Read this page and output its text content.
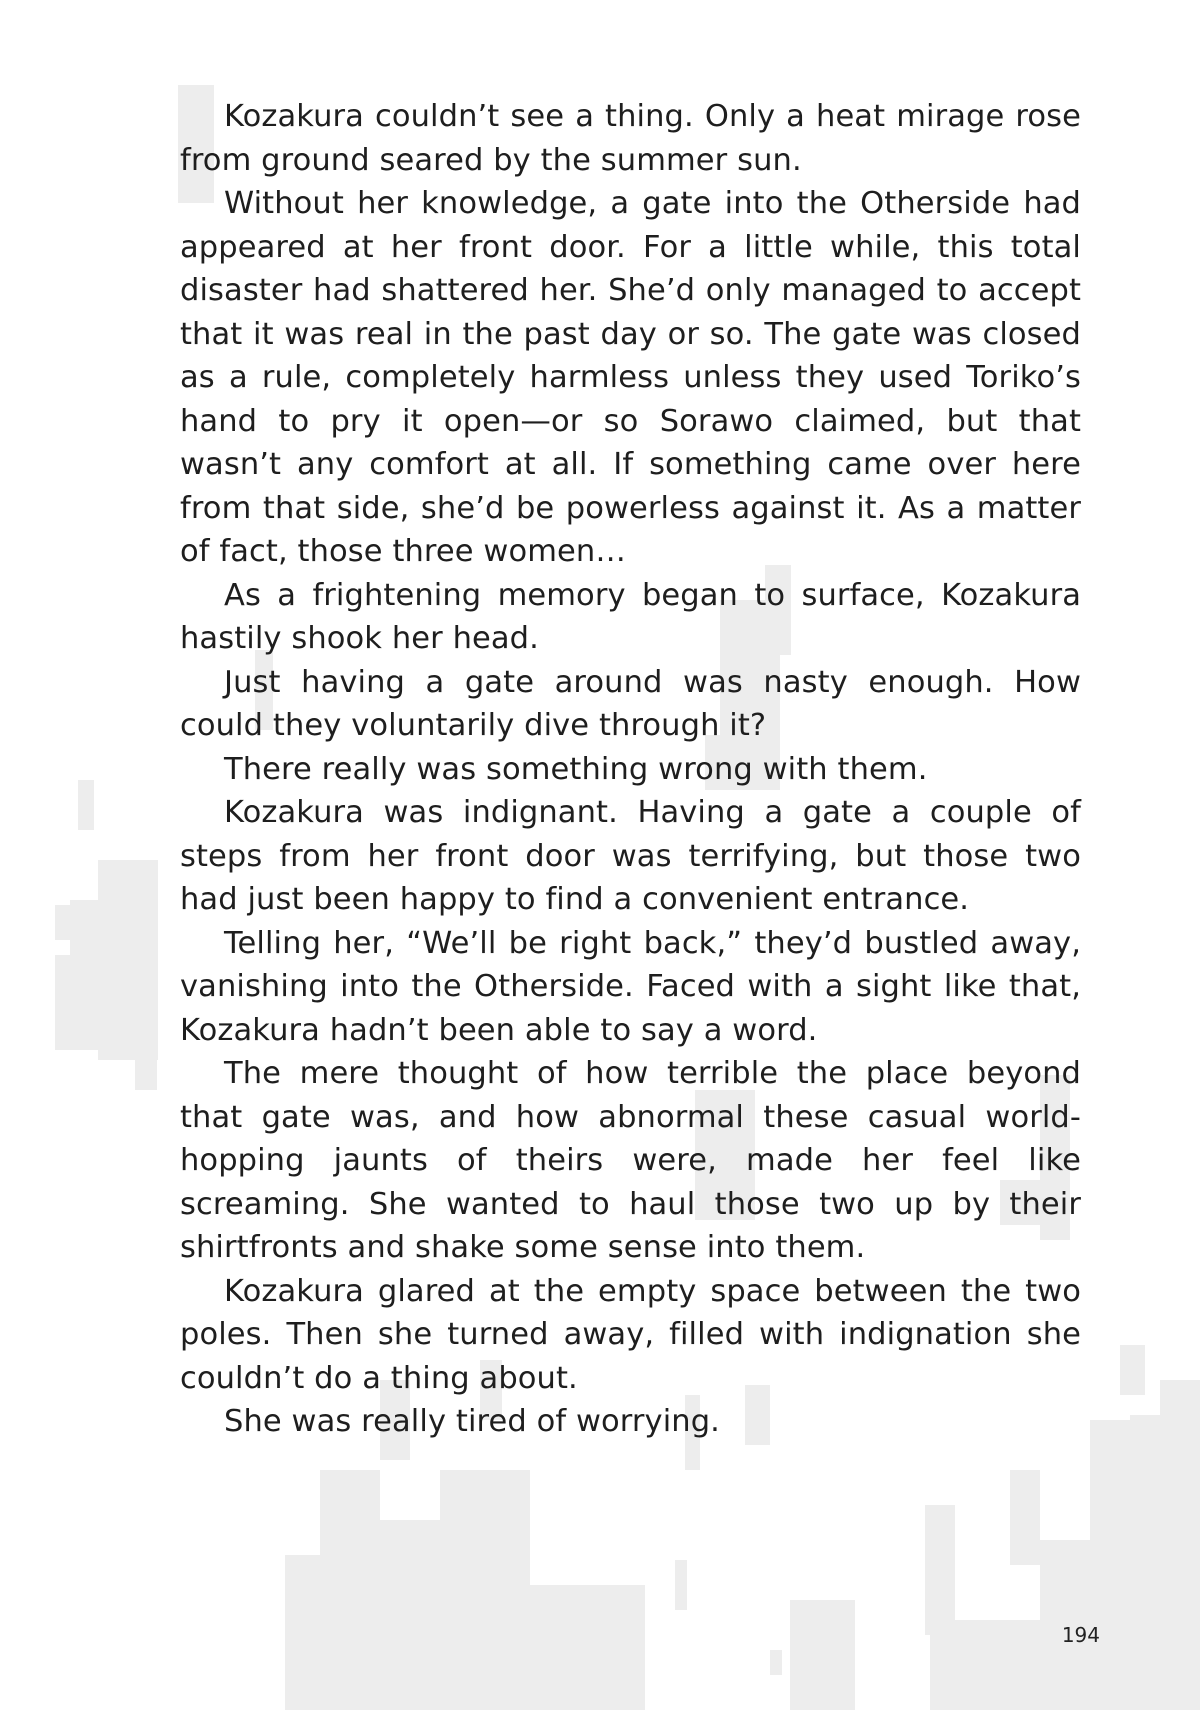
Kozakura couldn’t see a thing. Only a heat mirage rose from ground seared by the summer sun.

Without her knowledge, a gate into the Otherside had appeared at her front door. For a little while, this total disaster had shattered her. She’d only managed to accept that it was real in the past day or so. The gate was closed as a rule, completely harmless unless they used Toriko’s hand to pry it open—or so Sorawo claimed, but that wasn’t any comfort at all. If something came over here from that side, she’d be powerless against it. As a matter of fact, those three women…

As a frightening memory began to surface, Kozakura hastily shook her head.

Just having a gate around was nasty enough. How could they voluntarily dive through it?

There really was something wrong with them.

Kozakura was indignant. Having a gate a couple of steps from her front door was terrifying, but those two had just been happy to find a convenient entrance.

Telling her, “We’ll be right back,” they’d bustled away, vanishing into the Otherside. Faced with a sight like that, Kozakura hadn’t been able to say a word.

The mere thought of how terrible the place beyond that gate was, and how abnormal these casual world-hopping jaunts of theirs were, made her feel like screaming. She wanted to haul those two up by their shirtfronts and shake some sense into them.

Kozakura glared at the empty space between the two poles. Then she turned away, filled with indignation she couldn’t do a thing about.

She was really tired of worrying.

194
